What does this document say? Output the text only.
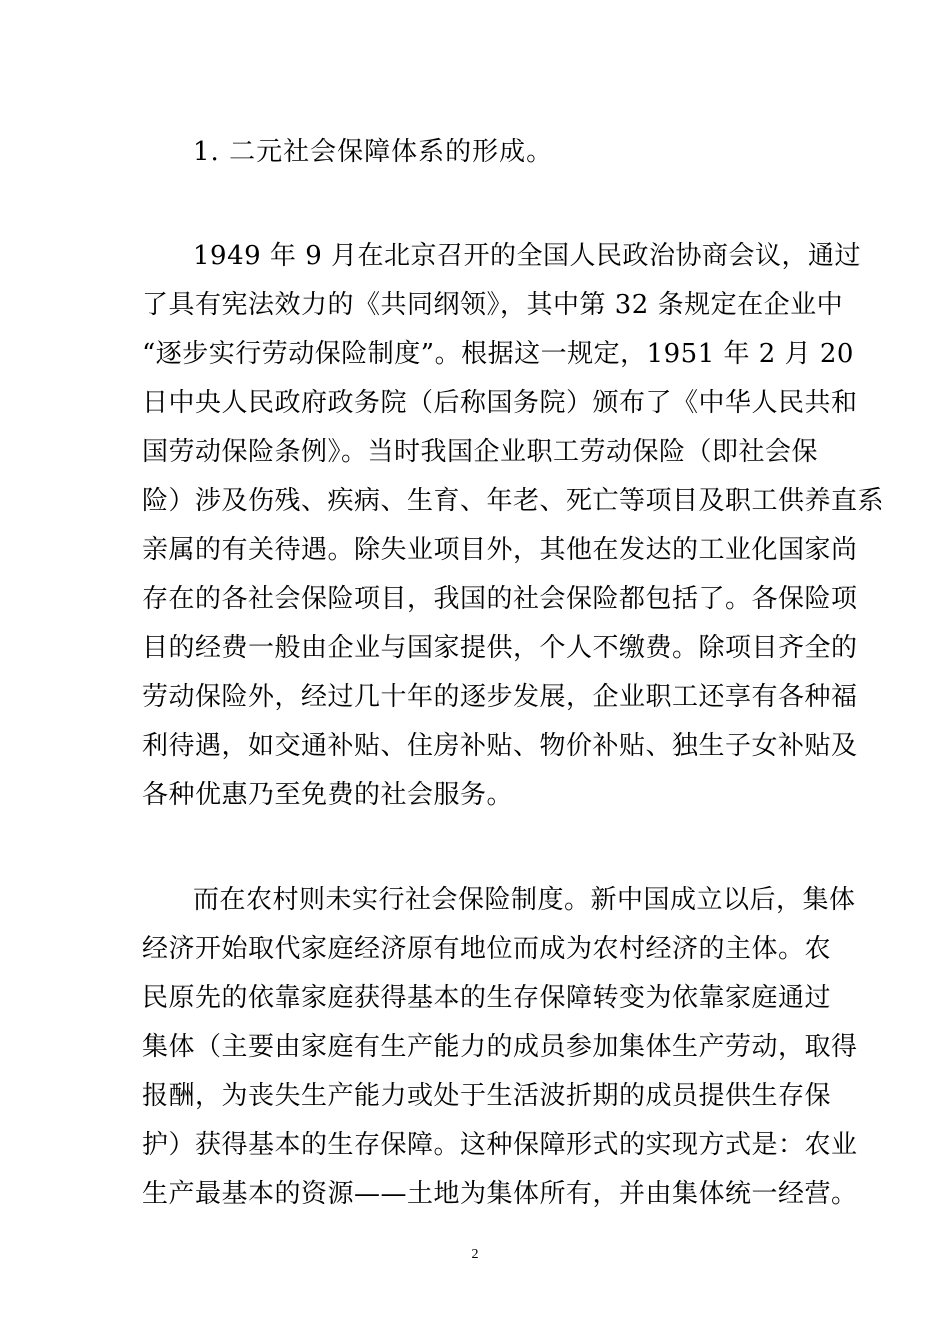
1. 二元社会保障体系的形成。
1949 年 9 月在北京召开的全国人民政治协商会议，通过
了具有宪法效力的《共同纲领》，其中第 32 条规定在企业中
“逐步实行劳动保险制度”。根据这一规定，1951 年 2 月 20
日中央人民政府政务院（后称国务院）颁布了《中华人民共和
国劳动保险条例》。当时我国企业职工劳动保险（即社会保
险）涉及伤残、疾病、生育、年老、死亡等项目及职工供养直系
亲属的有关待遇。除失业项目外，其他在发达的工业化国家尚
存在的各社会保险项目，我国的社会保险都包括了。各保险项
目的经费一般由企业与国家提供，个人不缴费。除项目齐全的
劳动保险外，经过几十年的逐步发展，企业职工还享有各种福
利待遇，如交通补贴、住房补贴、物价补贴、独生子女补贴及
各种优惠乃至免费的社会服务。
而在农村则未实行社会保险制度。新中国成立以后，集体
经济开始取代家庭经济原有地位而成为农村经济的主体。农
民原先的依靠家庭获得基本的生存保障转变为依靠家庭通过
集体（主要由家庭有生产能力的成员参加集体生产劳动，取得
报酬，为丧失生产能力或处于生活波折期的成员提供生存保
护）获得基本的生存保障。这种保障形式的实现方式是：农业
生产最基本的资源——土地为集体所有，并由集体统一经营。
2
